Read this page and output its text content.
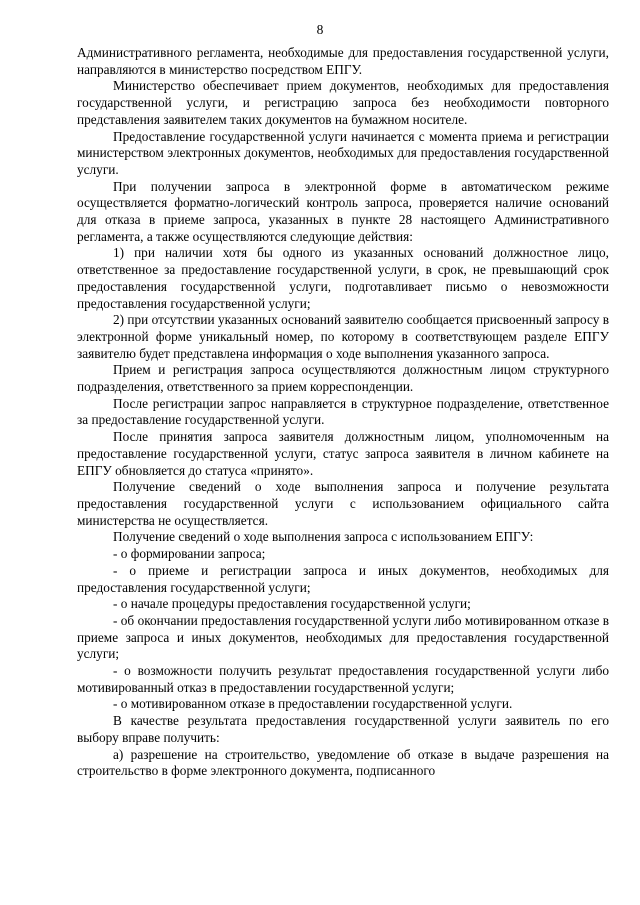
8

Административного регламента, необходимые для предоставления государственной услуги, направляются в министерство посредством ЕПГУ.

Министерство обеспечивает прием документов, необходимых для предоставления государственной услуги, и регистрацию запроса без необходимости повторного представления заявителем таких документов на бумажном носителе.

Предоставление государственной услуги начинается с момента приема и регистрации министерством электронных документов, необходимых для предоставления государственной услуги.

При получении запроса в электронной форме в автоматическом режиме осуществляется форматно-логический контроль запроса, проверяется наличие оснований для отказа в приеме запроса, указанных в пункте 28 настоящего Административного регламента, а также осуществляются следующие действия:

1) при наличии хотя бы одного из указанных оснований должностное лицо, ответственное за предоставление государственной услуги, в срок, не превышающий срок предоставления государственной услуги, подготавливает письмо о невозможности предоставления государственной услуги;

2) при отсутствии указанных оснований заявителю сообщается присвоенный запросу в электронной форме уникальный номер, по которому в соответствующем разделе ЕПГУ заявителю будет представлена информация о ходе выполнения указанного запроса.

Прием и регистрация запроса осуществляются должностным лицом структурного подразделения, ответственного за прием корреспонденции.

После регистрации запрос направляется в структурное подразделение, ответственное за предоставление государственной услуги.

После принятия запроса заявителя должностным лицом, уполномоченным на предоставление государственной услуги, статус запроса заявителя в личном кабинете на ЕПГУ обновляется до статуса «принято».

Получение сведений о ходе выполнения запроса и получение результата предоставления государственной услуги с использованием официального сайта министерства не осуществляется.

Получение сведений о ходе выполнения запроса с использованием ЕПГУ:

- о формировании запроса;

- о приеме и регистрации запроса и иных документов, необходимых для предоставления государственной услуги;

- о начале процедуры предоставления государственной услуги;

- об окончании предоставления государственной услуги либо мотивированном отказе в приеме запроса и иных документов, необходимых для предоставления государственной услуги;

- о возможности получить результат предоставления государственной услуги либо мотивированный отказ в предоставлении государственной услуги;

- о мотивированном отказе в предоставлении государственной услуги.

В качестве результата предоставления государственной услуги заявитель по его выбору вправе получить:

а) разрешение на строительство, уведомление об отказе в выдаче разрешения на строительство в форме электронного документа, подписанного
